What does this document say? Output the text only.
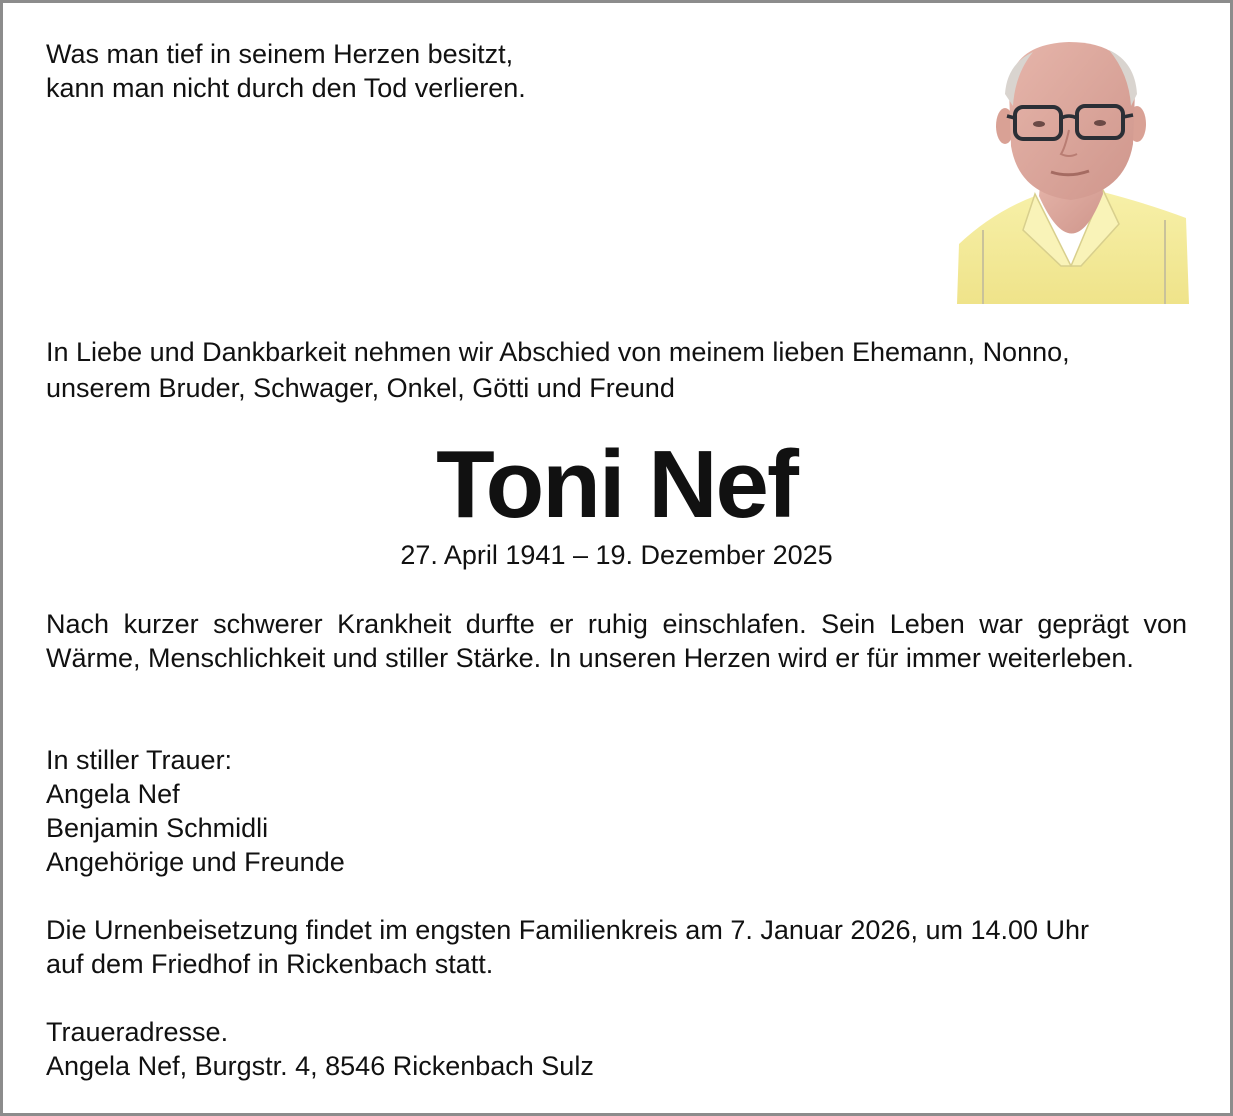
Was man tief in seinem Herzen besitzt,
kann man nicht durch den Tod verlieren.

In Liebe und Dankbarkeit nehmen wir Abschied von meinem lieben Ehemann, Nonno,
unserem Bruder, Schwager, Onkel, Götti und Freund

Toni Nef

27. April 1941 – 19. Dezember 2025

Nach kurzer schwerer Krankheit durfte er ruhig einschlafen. Sein Leben war geprägt von Wärme, Menschlichkeit und stiller Stärke. In unseren Herzen wird er für immer weiterleben.

In stiller Trauer:
Angela Nef
Benjamin Schmidli
Angehörige und Freunde

Die Urnenbeisetzung findet im engsten Familienkreis am 7. Januar 2026, um 14.00 Uhr
auf dem Friedhof in Rickenbach statt.

Traueradresse.
Angela Nef, Burgstr. 4, 8546 Rickenbach Sulz
